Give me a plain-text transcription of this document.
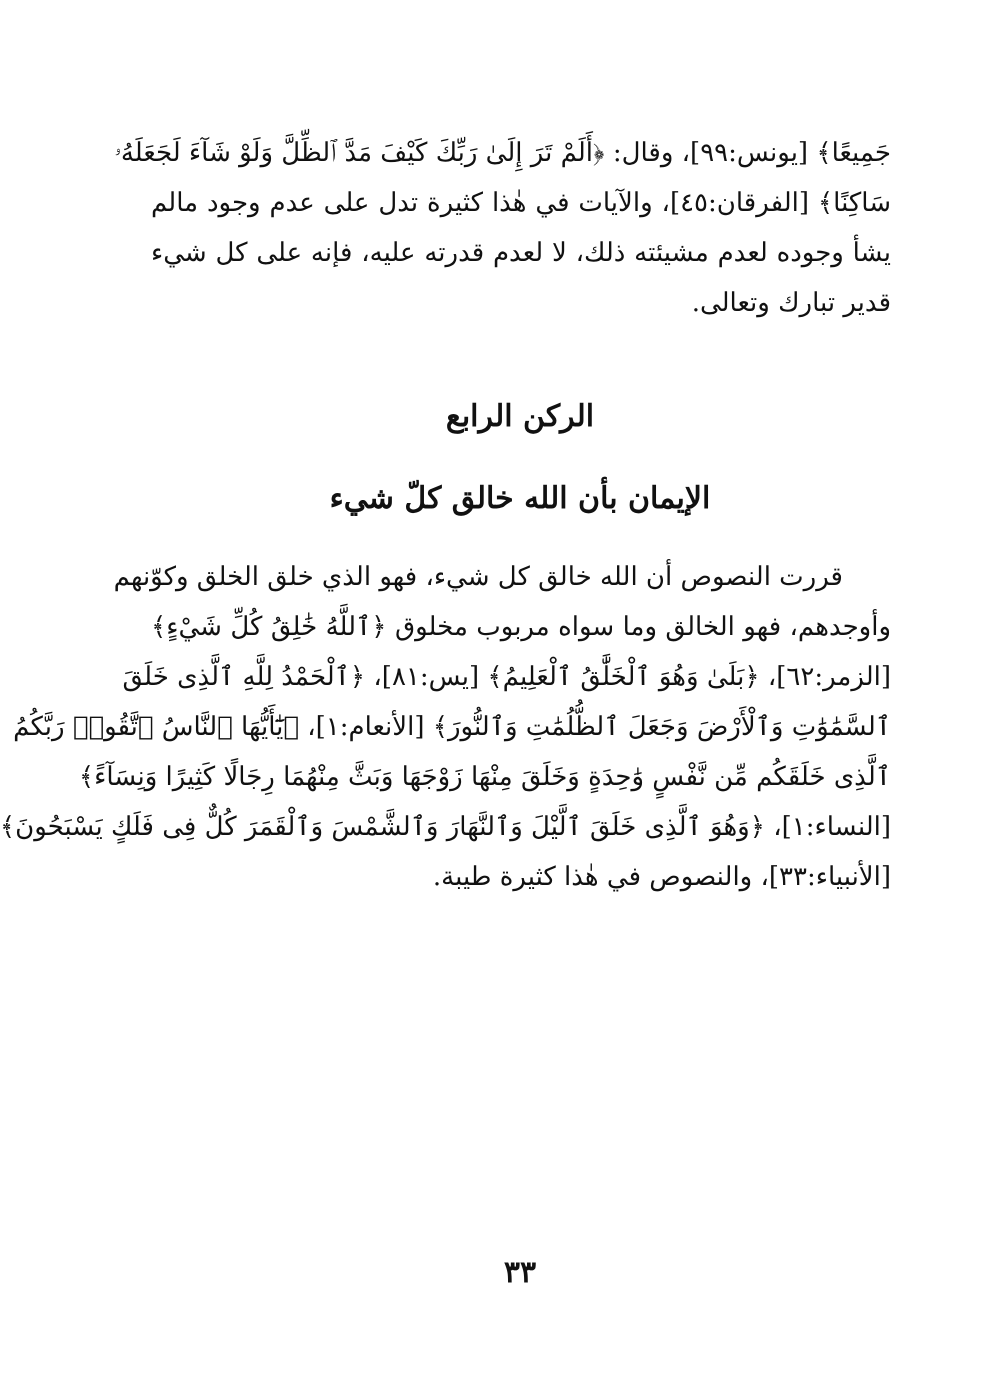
جَمِيعًا﴾ [يونس:٩٩]، وقال: ﴿أَلَمْ تَرَ إِلَىٰ رَبِّكَ كَيْفَ مَدَّ ٱلظِّلَّ وَلَوْ شَآءَ لَجَعَلَهُۥ
سَاكِنًا﴾ [الفرقان:٤٥]، والآيات في هٰذا كثيرة تدل على عدم وجود مالم
يشأ وجوده لعدم مشيئته ذلك، لا لعدم قدرته عليه، فإنه على كل شيء
قدير تبارك وتعالى.
الركن الرابع
الإيمان بأن الله خالق كلّ شيء
قررت النصوص أن الله خالق كل شيء، فهو الذي خلق الخلق وكوّنهم
وأوجدهم، فهو الخالق وما سواه مربوب مخلوق ﴿ٱللَّهُ خَٰلِقُ كُلِّ شَيْءٍ﴾
[الزمر:٦٢]، ﴿بَلَىٰ وَهُوَ ٱلْخَلَّٰقُ ٱلْعَلِيمُ﴾ [يس:٨١]، ﴿ٱلْحَمْدُ لِلَّهِ ٱلَّذِى خَلَقَ
ٱلسَّمَٰوَٰتِ وَٱلْأَرْضَ وَجَعَلَ ٱلظُّلُمَٰتِ وَٱلنُّورَ﴾ [الأنعام:١]، ﴿يَٰٓأَيُّهَا ٱلنَّاسُ ٱتَّقُوا۟ رَبَّكُمُ
ٱلَّذِى خَلَقَكُم مِّن نَّفْسٍ وَٰحِدَةٍ وَخَلَقَ مِنْهَا زَوْجَهَا وَبَثَّ مِنْهُمَا رِجَالًا كَثِيرًا وَنِسَآءً﴾
[النساء:١]، ﴿وَهُوَ ٱلَّذِى خَلَقَ ٱلَّيْلَ وَٱلنَّهَارَ وَٱلشَّمْسَ وَٱلْقَمَرَ كُلٌّ فِى فَلَكٍ يَسْبَحُونَ﴾
[الأنبياء:٣٣]، والنصوص في هٰذا كثيرة طيبة.
٣٣
